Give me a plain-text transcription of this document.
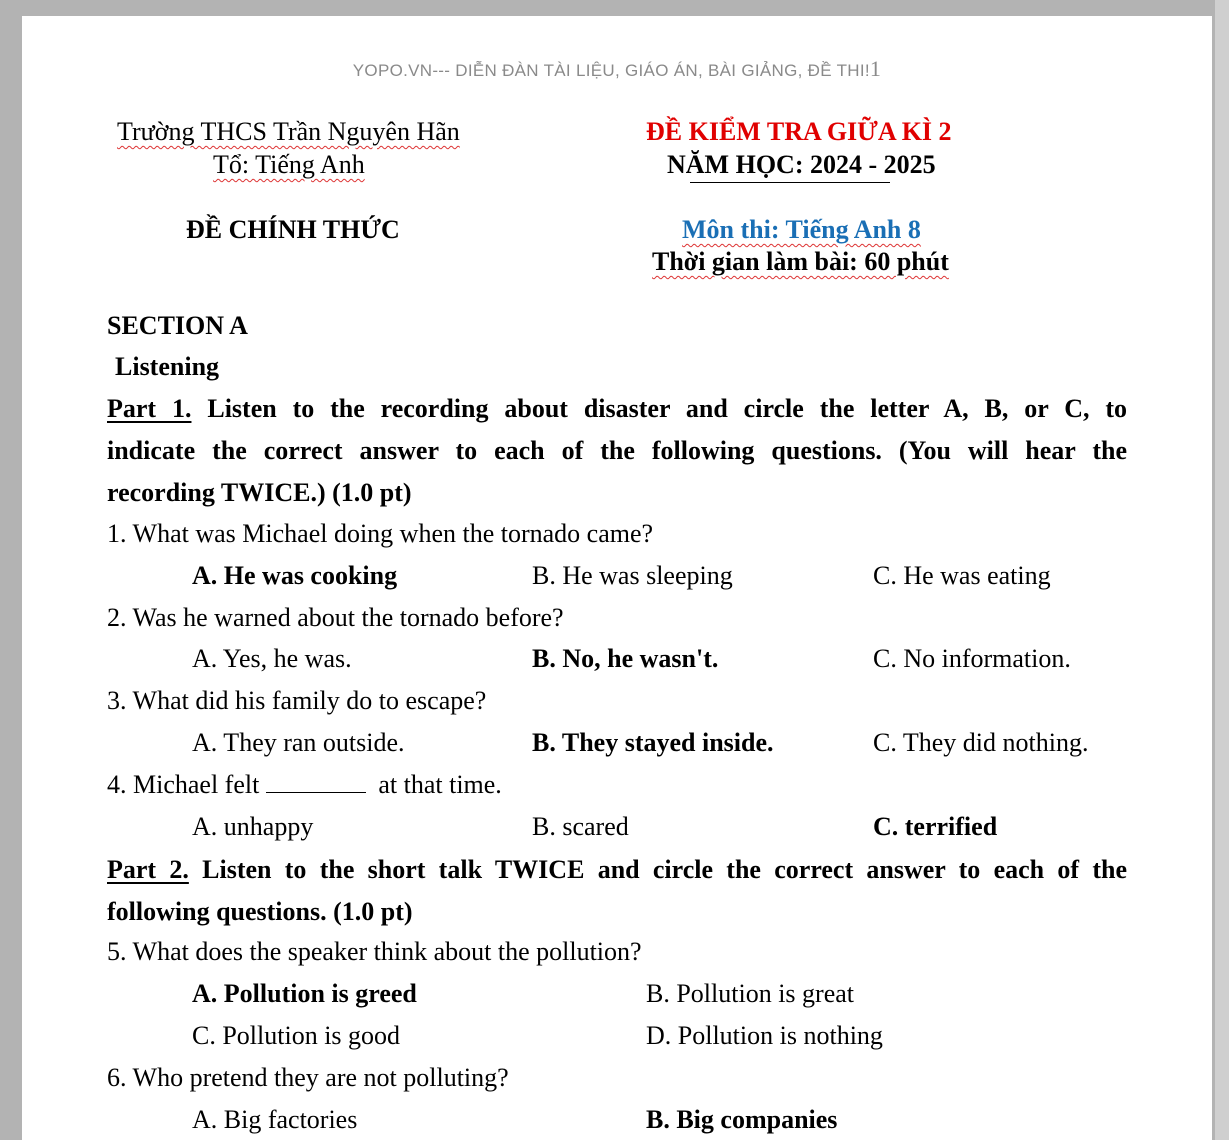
YOPO.VN--- DIỄN ĐÀN TÀI LIỆU, GIÁO ÁN, BÀI GIẢNG, ĐỀ THI!1
Trường THCS Trần Nguyên Hãn
Tổ: Tiếng Anh
ĐỀ CHÍNH THỨC
ĐỀ KIỂM TRA GIỮA KÌ 2
NĂM HỌC: 2024 - 2025
Môn thi: Tiếng Anh 8
Thời gian làm bài: 60 phút
SECTION A
Listening

Part 1. Listen to the recording about disaster and circle the letter A, B, or C, to

indicate the correct answer to each of the following questions. (You will hear the

recording TWICE.) (1.0 pt)

1. What was Michael doing when the tornado came?
A. He was cooking	B. He was sleeping	C. He was eating
2. Was he warned about the tornado before?
A. Yes, he was.	B. No, he wasn't.	C. No information.
3. What did his family do to escape?
A. They ran outside.	B. They stayed inside.	C. They did nothing.
4. Michael felt	at that time.
A. unhappy	B. scared	C. terrified

Part 2. Listen to the short talk TWICE and circle the correct answer to each of the

following questions. (1.0 pt)

5. What does the speaker think about the pollution?
A. Pollution is greed	B. Pollution is great
C. Pollution is good	D. Pollution is nothing
6. Who pretend they are not polluting?
A. Big factories	B. Big companies
